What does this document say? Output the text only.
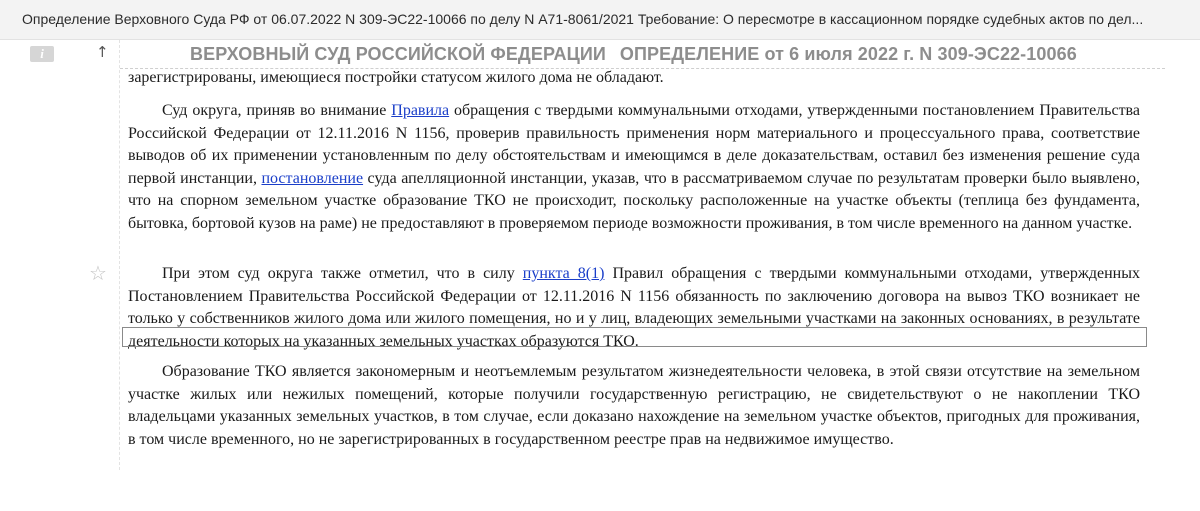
Определение Верховного Суда РФ от 06.07.2022 N 309-ЭС22-10066 по делу N А71-8061/2021 Требование: О пересмотре в кассационном порядке судебных актов по дел...
i	↑
☆
зарегистрированы, имеющиеся постройки статусом жилого дома не обладают.
ВЕРХОВНЫЙ СУД РОССИЙСКОЙ ФЕДЕРАЦИИ ОПРЕДЕЛЕНИЕ от 6 июля 2022 г. N 309-ЭС22-10066

Суд округа, приняв во внимание Правила обращения с твердыми коммунальными отходами, утвержденными постановлением Правительства Российской Федерации от 12.11.2016 N 1156, проверив правильность применения норм материального и процессуального права, соответствие выводов об их применении установленным по делу обстоятельствам и имеющимся в деле доказательствам, оставил без изменения решение суда первой инстанции, постановление суда апелляционной инстанции, указав, что в рассматриваемом случае по результатам проверки было выявлено, что на спорном земельном участке образование ТКО не происходит, поскольку расположенные на участке объекты (теплица без фундамента, бытовка, бортовой кузов на раме) не предоставляют в проверяемом периоде возможности проживания, в том числе временного на данном участке.

При этом суд округа также отметил, что в силу пункта 8(1) Правил обращения с твердыми коммунальными отходами, утвержденных Постановлением Правительства Российской Федерации от 12.11.2016 N 1156 обязанность по заключению договора на вывоз ТКО возникает не только у собственников жилого дома или жилого помещения, но и у лиц, владеющих земельными участками на законных основаниях, в результате деятельности которых на указанных земельных участках образуются ТКО.

Образование ТКО является закономерным и неотъемлемым результатом жизнедеятельности человека, в этой связи отсутствие на земельном участке жилых или нежилых помещений, которые получили государственную регистрацию, не свидетельствуют о не накоплении ТКО владельцами указанных земельных участков, в том случае, если доказано нахождение на земельном участке объектов, пригодных для проживания, в том числе временного, но не зарегистрированных в государственном реестре прав на недвижимое имущество.
